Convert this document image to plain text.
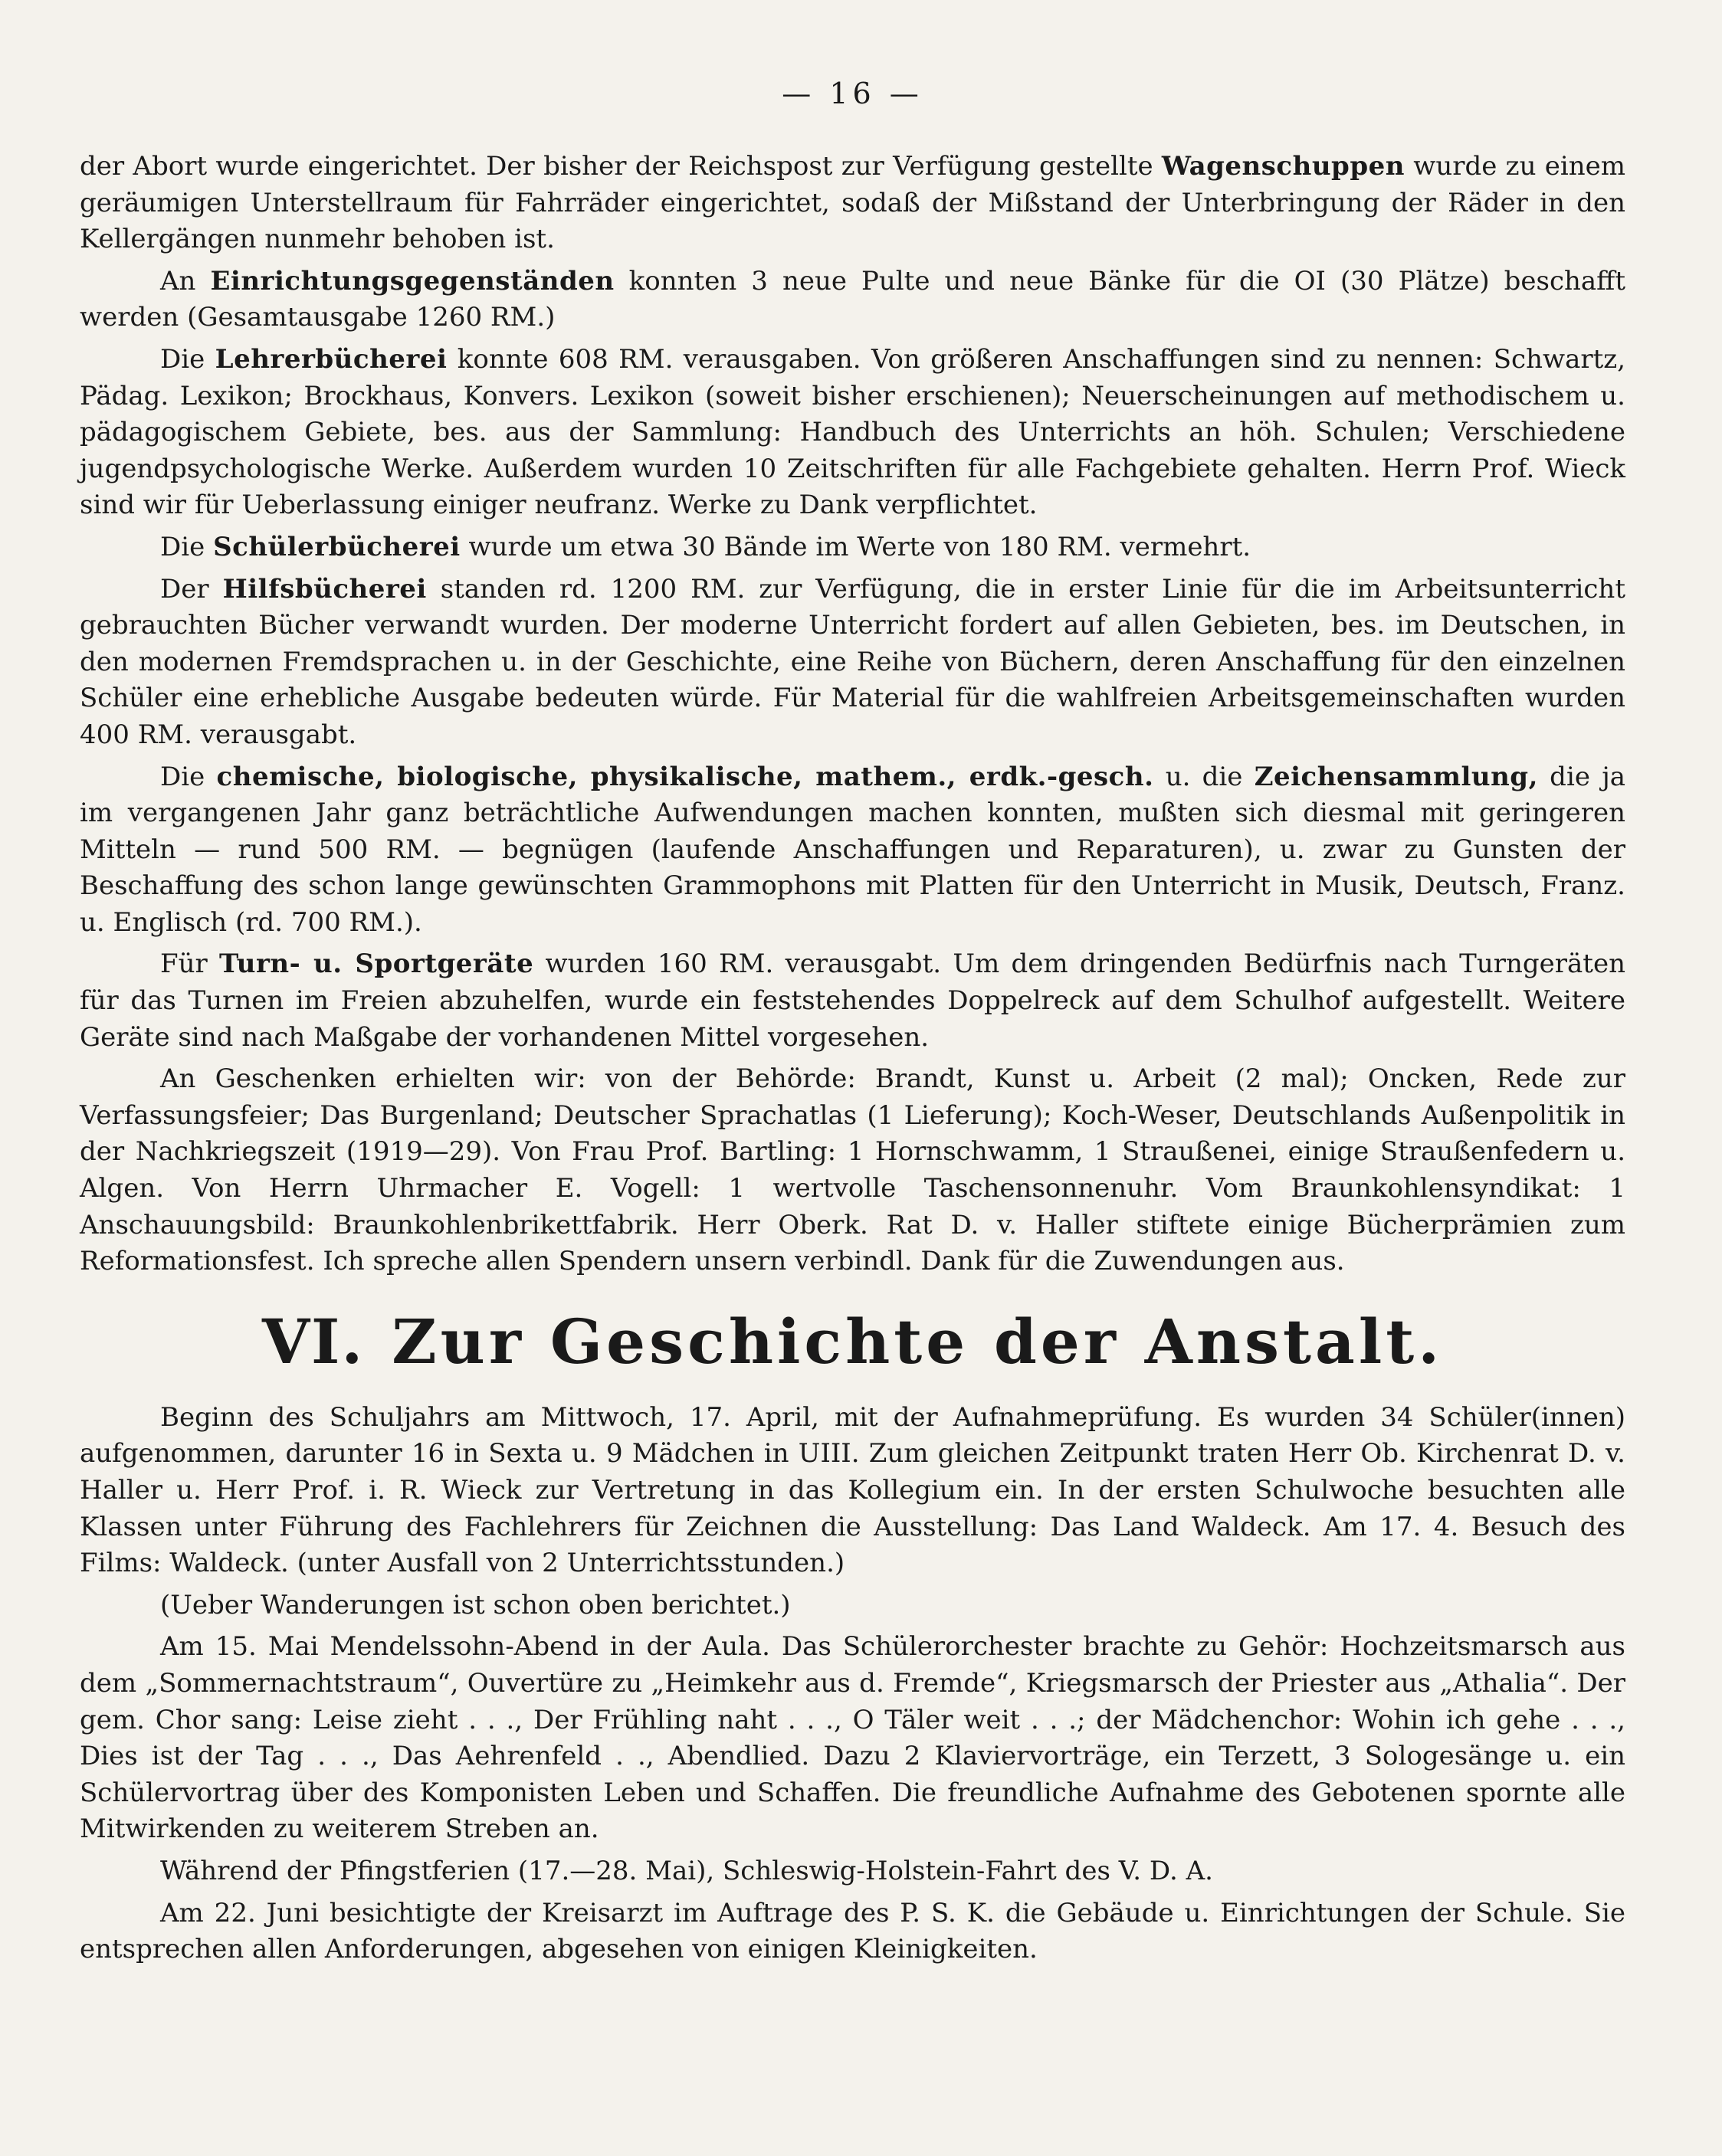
— 16 —
der Abort wurde eingerichtet. Der bisher der Reichspost zur Verfügung gestellte Wagenschuppen wurde zu einem geräumigen Unterstellraum für Fahrräder eingerichtet, sodaß der Mißstand der Unterbringung der Räder in den Kellergängen nunmehr behoben ist.
An Einrichtungsgegenständen konnten 3 neue Pulte und neue Bänke für die OI (30 Plätze) beschafft werden (Gesamtausgabe 1260 RM.)
Die Lehrerbücherei konnte 608 RM. verausgaben. Von größeren Anschaffungen sind zu nennen: Schwartz, Pädag. Lexikon; Brockhaus, Konvers. Lexikon (soweit bisher erschienen); Neuerscheinungen auf methodischem u. pädagogischem Gebiete, bes. aus der Sammlung: Handbuch des Unterrichts an höh. Schulen; Verschiedene jugendpsychologische Werke. Außerdem wurden 10 Zeitschriften für alle Fachgebiete gehalten. Herrn Prof. Wieck sind wir für Ueberlassung einiger neufranz. Werke zu Dank verpflichtet.
Die Schülerbücherei wurde um etwa 30 Bände im Werte von 180 RM. vermehrt.
Der Hilfsbücherei standen rd. 1200 RM. zur Verfügung, die in erster Linie für die im Arbeitsunterricht gebrauchten Bücher verwandt wurden. Der moderne Unterricht fordert auf allen Gebieten, bes. im Deutschen, in den modernen Fremdsprachen u. in der Geschichte, eine Reihe von Büchern, deren Anschaffung für den einzelnen Schüler eine erhebliche Ausgabe bedeuten würde. Für Material für die wahlfreien Arbeitsgemeinschaften wurden 400 RM. verausgabt.
Die chemische, biologische, physikalische, mathem., erdk.-gesch. u. die Zeichensammlung, die ja im vergangenen Jahr ganz beträchtliche Aufwendungen machen konnten, mußten sich diesmal mit geringeren Mitteln — rund 500 RM. — begnügen (laufende Anschaffungen und Reparaturen), u. zwar zu Gunsten der Beschaffung des schon lange gewünschten Grammophons mit Platten für den Unterricht in Musik, Deutsch, Franz. u. Englisch (rd. 700 RM.).
Für Turn- u. Sportgeräte wurden 160 RM. verausgabt. Um dem dringenden Bedürfnis nach Turngeräten für das Turnen im Freien abzuhelfen, wurde ein feststehendes Doppelreck auf dem Schulhof aufgestellt. Weitere Geräte sind nach Maßgabe der vorhandenen Mittel vorgesehen.
An Geschenken erhielten wir: von der Behörde: Brandt, Kunst u. Arbeit (2 mal); Oncken, Rede zur Verfassungsfeier; Das Burgenland; Deutscher Sprachatlas (1 Lieferung); Koch-Weser, Deutschlands Außenpolitik in der Nachkriegszeit (1919—29). Von Frau Prof. Bartling: 1 Hornschwamm, 1 Straußenei, einige Straußenfedern u. Algen. Von Herrn Uhrmacher E. Vogell: 1 wertvolle Taschensonnenuhr. Vom Braunkohlensyndikat: 1 Anschauungsbild: Braunkohlenbrikettfabrik. Herr Oberk. Rat D. v. Haller stiftete einige Bücherprämien zum Reformationsfest. Ich spreche allen Spendern unsern verbindl. Dank für die Zuwendungen aus.
VI. Zur Geschichte der Anstalt.
Beginn des Schuljahrs am Mittwoch, 17. April, mit der Aufnahmeprüfung. Es wurden 34 Schüler(innen) aufgenommen, darunter 16 in Sexta u. 9 Mädchen in UIII. Zum gleichen Zeitpunkt traten Herr Ob. Kirchenrat D. v. Haller u. Herr Prof. i. R. Wieck zur Vertretung in das Kollegium ein. In der ersten Schulwoche besuchten alle Klassen unter Führung des Fachlehrers für Zeichnen die Ausstellung: Das Land Waldeck. Am 17. 4. Besuch des Films: Waldeck. (unter Ausfall von 2 Unterrichtsstunden.)
(Ueber Wanderungen ist schon oben berichtet.)
Am 15. Mai Mendelssohn-Abend in der Aula. Das Schülerorchester brachte zu Gehör: Hochzeitsmarsch aus dem „Sommernachtstraum“, Ouvertüre zu „Heimkehr aus d. Fremde“, Kriegsmarsch der Priester aus „Athalia“. Der gem. Chor sang: Leise zieht . . ., Der Frühling naht . . ., O Täler weit . . .; der Mädchenchor: Wohin ich gehe . . ., Dies ist der Tag . . ., Das Aehrenfeld . ., Abendlied. Dazu 2 Klaviervorträge, ein Terzett, 3 Sologesänge u. ein Schülervortrag über des Komponisten Leben und Schaffen. Die freundliche Aufnahme des Gebotenen spornte alle Mitwirkenden zu weiterem Streben an.
Während der Pfingstferien (17.—28. Mai), Schleswig-Holstein-Fahrt des V. D. A.
Am 22. Juni besichtigte der Kreisarzt im Auftrage des P. S. K. die Gebäude u. Einrichtungen der Schule. Sie entsprechen allen Anforderungen, abgesehen von einigen Kleinigkeiten.
